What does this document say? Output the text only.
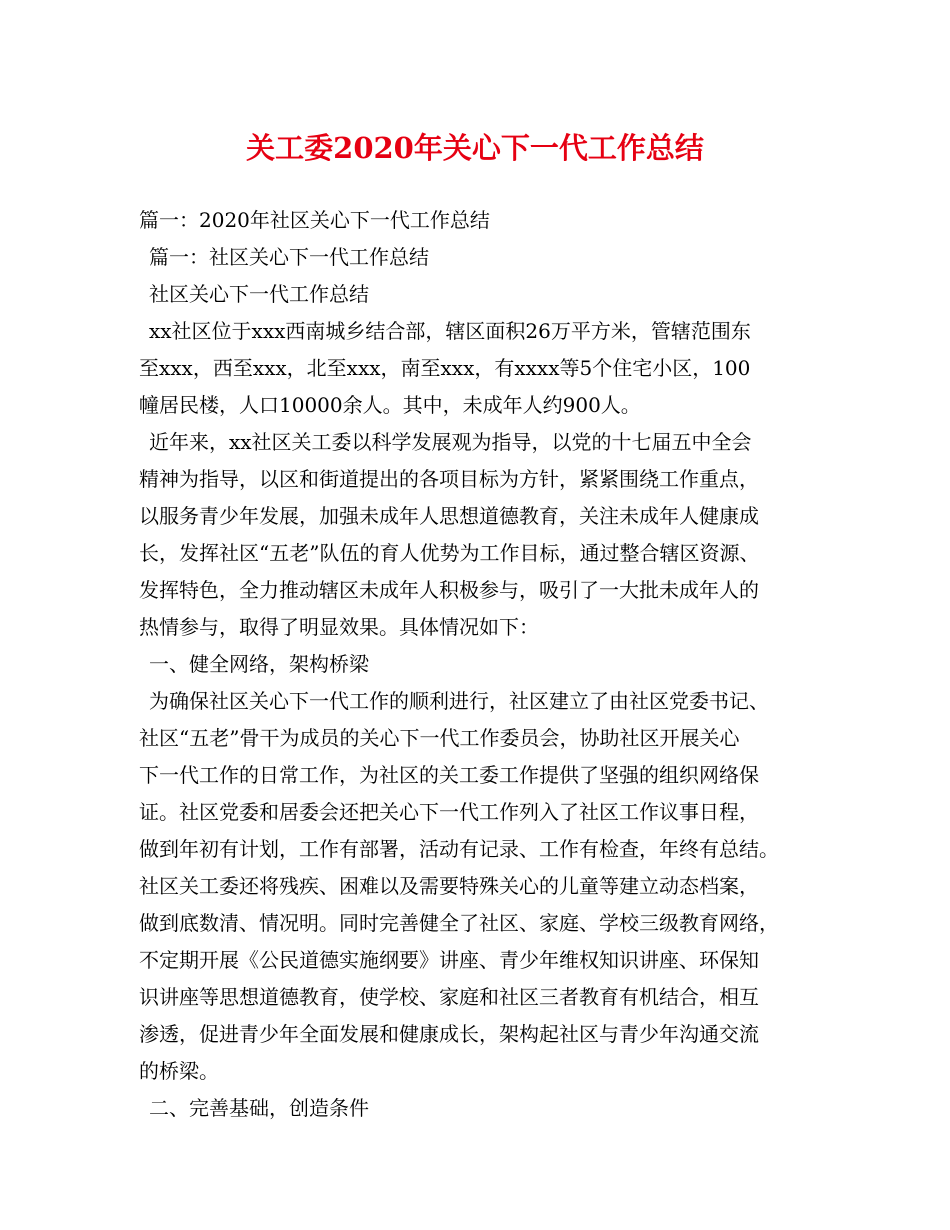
关工委2020年关心下一代工作总结
篇一：2020年社区关心下一代工作总结
篇一：社区关心下一代工作总结
社区关心下一代工作总结
xx社区位于xxx西南城乡结合部，辖区面积26万平方米，管辖范围东
至xxx，西至xxx，北至xxx，南至xxx，有xxxx等5个住宅小区，100
幢居民楼，人口10000余人。其中，未成年人约900人。
近年来，xx社区关工委以科学发展观为指导，以党的十七届五中全会
精神为指导，以区和街道提出的各项目标为方针，紧紧围绕工作重点，
以服务青少年发展，加强未成年人思想道德教育，关注未成年人健康成
长，发挥社区“五老”队伍的育人优势为工作目标，通过整合辖区资源、
发挥特色，全力推动辖区未成年人积极参与，吸引了一大批未成年人的
热情参与，取得了明显效果。具体情况如下：
一、健全网络，架构桥梁
为确保社区关心下一代工作的顺利进行，社区建立了由社区党委书记、
社区“五老”骨干为成员的关心下一代工作委员会，协助社区开展关心
下一代工作的日常工作，为社区的关工委工作提供了坚强的组织网络保
证。社区党委和居委会还把关心下一代工作列入了社区工作议事日程，
做到年初有计划，工作有部署，活动有记录、工作有检查，年终有总结。
社区关工委还将残疾、困难以及需要特殊关心的儿童等建立动态档案，
做到底数清、情况明。同时完善健全了社区、家庭、学校三级教育网络，
不定期开展《公民道德实施纲要》讲座、青少年维权知识讲座、环保知
识讲座等思想道德教育，使学校、家庭和社区三者教育有机结合，相互
渗透，促进青少年全面发展和健康成长，架构起社区与青少年沟通交流
的桥梁。
二、完善基础，创造条件
